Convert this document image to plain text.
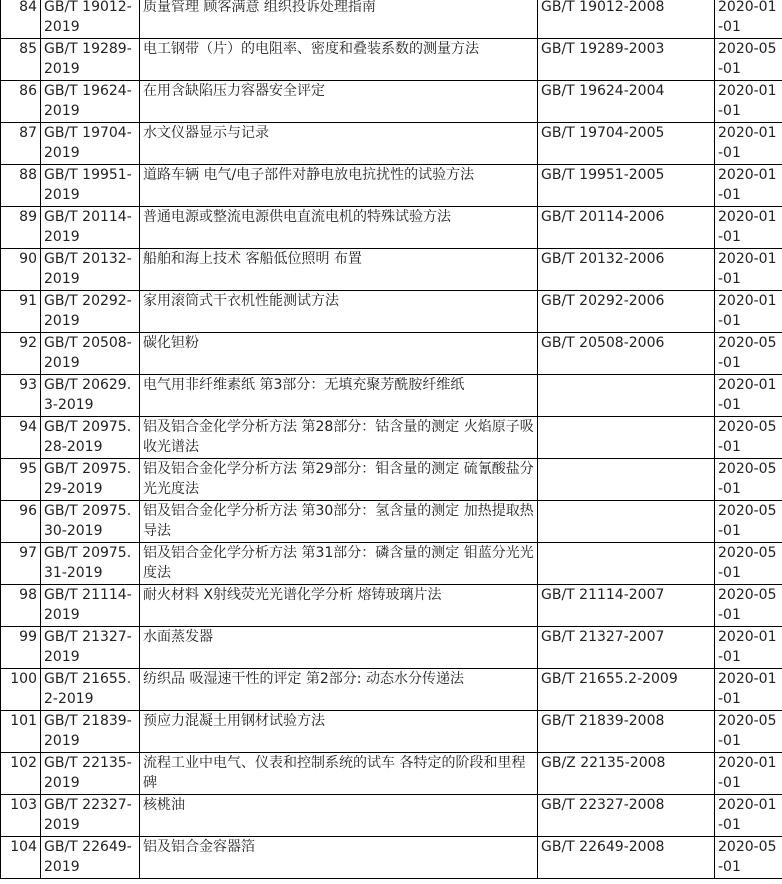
84	GB/T 19012-2019	质量管理 顾客满意 组织投诉处理指南	GB/T 19012-2008	2020-01-01
85	GB/T 19289-2019	电工钢带（片）的电阻率、密度和叠装系数的测量方法	GB/T 19289-2003	2020-05-01
86	GB/T 19624-2019	在用含缺陷压力容器安全评定	GB/T 19624-2004	2020-01-01
87	GB/T 19704-2019	水文仪器显示与记录	GB/T 19704-2005	2020-01-01
88	GB/T 19951-2019	道路车辆 电气/电子部件对静电放电抗扰性的试验方法	GB/T 19951-2005	2020-01-01
89	GB/T 20114-2019	普通电源或整流电源供电直流电机的特殊试验方法	GB/T 20114-2006	2020-01-01
90	GB/T 20132-2019	船舶和海上技术 客船低位照明 布置	GB/T 20132-2006	2020-01-01
91	GB/T 20292-2019	家用滚筒式干衣机性能测试方法	GB/T 20292-2006	2020-01-01
92	GB/T 20508-2019	碳化钽粉	GB/T 20508-2006	2020-05-01
93	GB/T 20629.3-2019	电气用非纤维素纸 第3部分：无填充聚芳酰胺纤维纸		2020-01-01
94	GB/T 20975.28-2019	铝及铝合金化学分析方法 第28部分：钴含量的测定 火焰原子吸收光谱法		2020-05-01
95	GB/T 20975.29-2019	铝及铝合金化学分析方法 第29部分：钼含量的测定 硫氰酸盐分光光度法		2020-05-01
96	GB/T 20975.30-2019	铝及铝合金化学分析方法 第30部分：氢含量的测定 加热提取热导法		2020-05-01
97	GB/T 20975.31-2019	铝及铝合金化学分析方法 第31部分：磷含量的测定 钼蓝分光光度法		2020-05-01
98	GB/T 21114-2019	耐火材料 X射线荧光光谱化学分析 熔铸玻璃片法	GB/T 21114-2007	2020-05-01
99	GB/T 21327-2019	水面蒸发器	GB/T 21327-2007	2020-01-01
100	GB/T 21655.2-2019	纺织品 吸湿速干性的评定 第2部分: 动态水分传递法	GB/T 21655.2-2009	2020-01-01
101	GB/T 21839-2019	预应力混凝土用钢材试验方法	GB/T 21839-2008	2020-05-01
102	GB/T 22135-2019	流程工业中电气、仪表和控制系统的试车 各特定的阶段和里程碑	GB/Z 22135-2008	2020-01-01
103	GB/T 22327-2019	核桃油	GB/T 22327-2008	2020-01-01
104	GB/T 22649-2019	铝及铝合金容器箔	GB/T 22649-2008	2020-05-01
